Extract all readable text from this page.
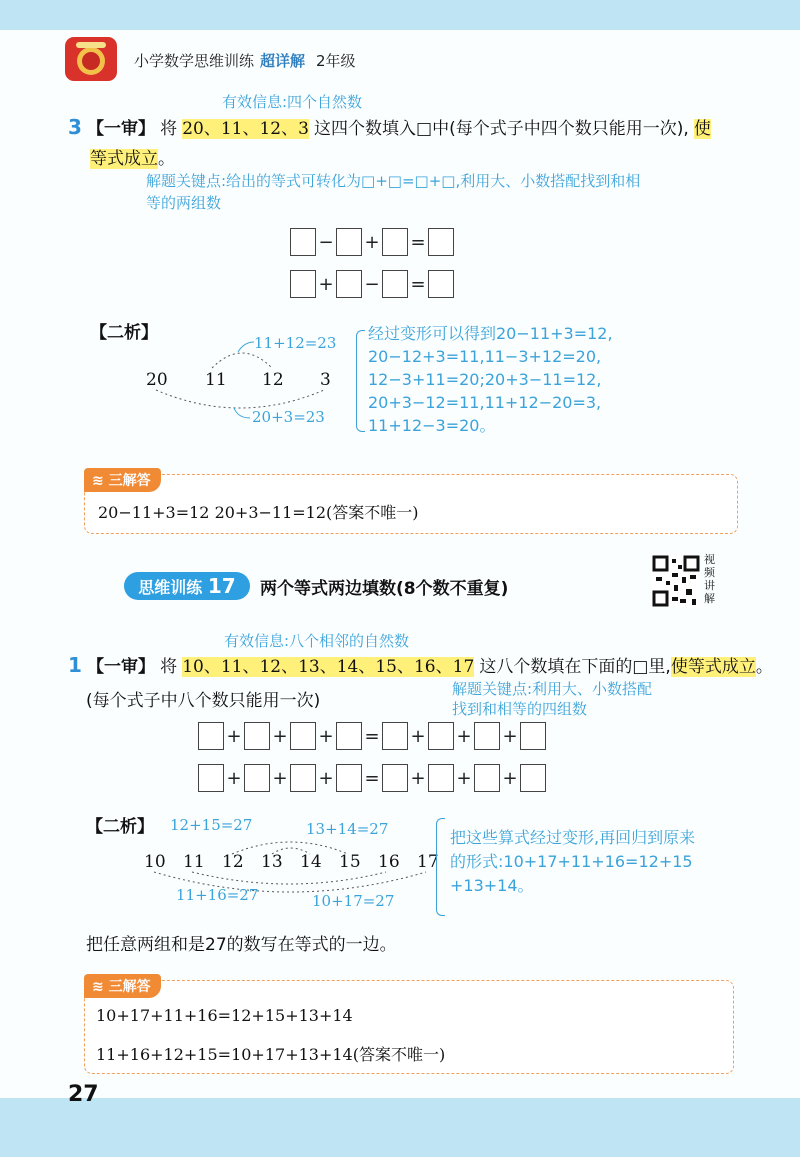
小学数学思维训练 超详解 2年级
有效信息:四个自然数
3 【一审】 将 20、11、12、3 这四个数填入□中(每个式子中四个数只能用一次), 使
等式成立。
解题关键点:给出的等式可转化为□+□=□+□,利用大、小数搭配找到和相
等的两组数
− + =
+ − =
【二析】	11+12=23
20 11 12 3
20+3=23
经过变形可以得到20−11+3=12,
20−12+3=11,11−3+12=20,
12−3+11=20;20+3−11=12,
20+3−12=11,11+12−20=3,
11+12−3=20。
≋ 三解答
20−11+3=12 20+3−11=12(答案不唯一)
思维训练 17	两个等式两边填数(8个数不重复)
视
频
讲
解
有效信息:八个相邻的自然数
1 【一审】 将 10、11、12、13、14、15、16、17 这八个数填在下面的□里,使等式成立。
(每个式子中八个数只能用一次)
解题关键点:利用大、小数搭配
找到和相等的四组数
+ + + = + + +
+ + + = + + +
【二析】 12+15=27	13+14=27
10 11 12 13 14 15 16 17
11+16=27	10+17=27
把这些算式经过变形,再回归到原来
的形式:10+17+11+16=12+15
+13+14。
把任意两组和是27的数写在等式的一边。
≋ 三解答
10+17+11+16=12+15+13+14
11+16+12+15=10+17+13+14(答案不唯一)
27
